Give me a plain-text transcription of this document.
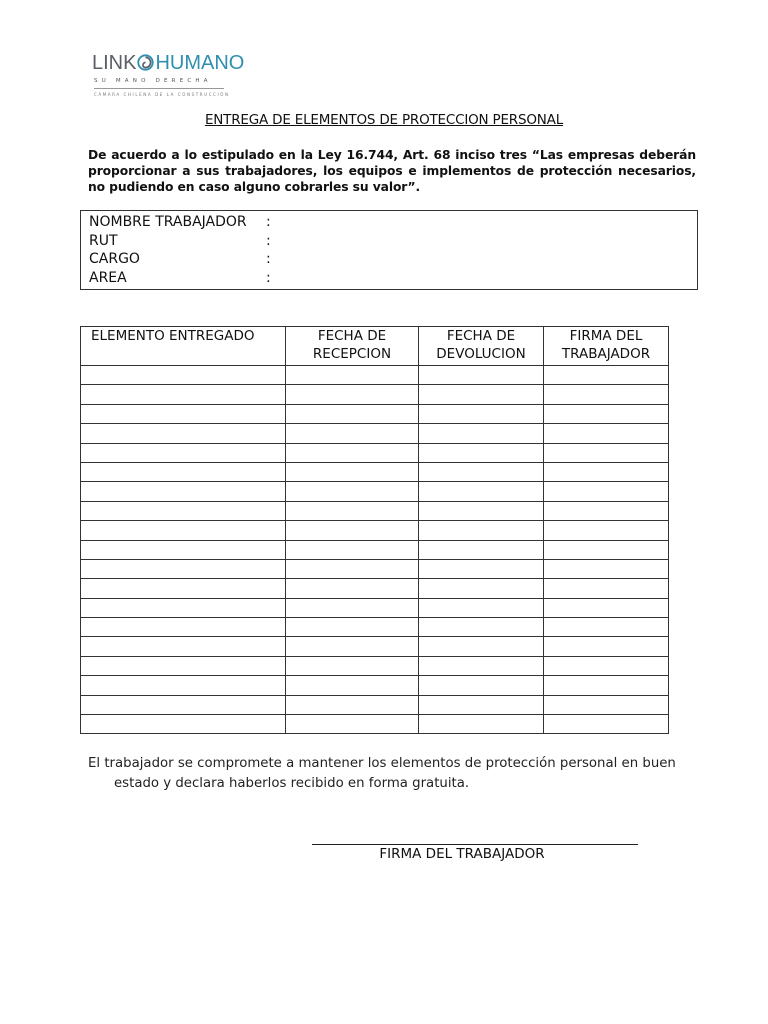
LINK HUMANO
SU MANO DERECHA
CÁMARA CHILENA DE LA CONSTRUCCIÓN
ENTREGA DE ELEMENTOS DE PROTECCION PERSONAL
De acuerdo a lo estipulado en la Ley 16.744, Art. 68 inciso tres “Las empresas deberán proporcionar a sus trabajadores, los equipos e implementos de protección necesarios, no pudiendo en caso alguno cobrarles su valor”.
NOMBRE TRABAJADOR :
RUT	:
CARGO	:
AREA	:
ELEMENTO ENTREGADO	FECHA DE RECEPCION	FECHA DE DEVOLUCION	FIRMA DEL TRABAJADOR

El trabajador se compromete a mantener los elementos de protección personal en buen
estado y declara haberlos recibido en forma gratuita.
FIRMA DEL TRABAJADOR
